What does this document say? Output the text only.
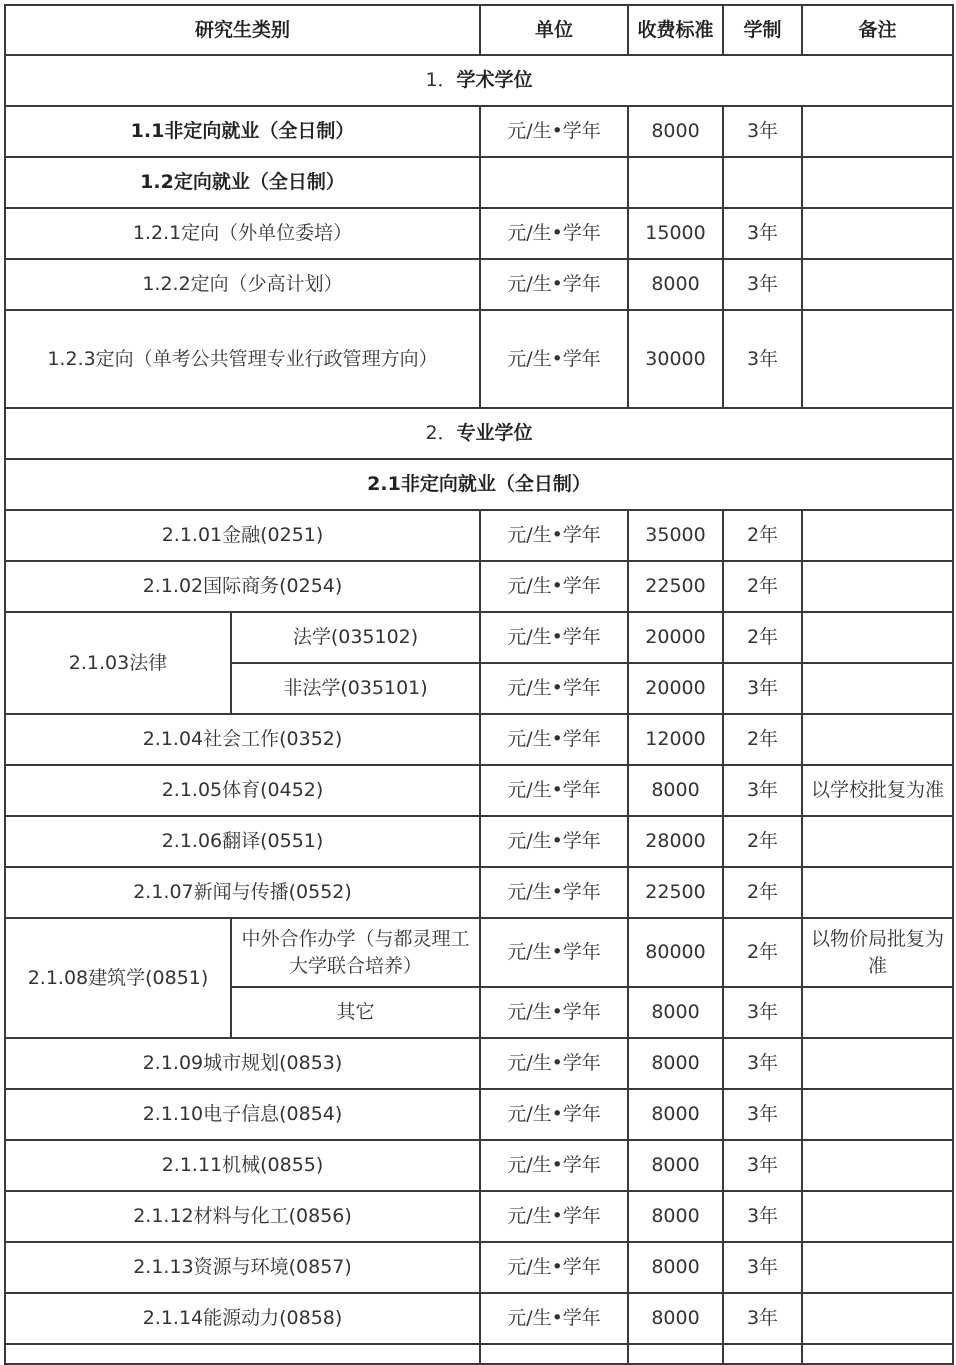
研究生类别		单位	收费标准	学制	备注
1．学术学位					
1.1非定向就业（全日制）		元/生•学年	8000	3年	
1.2定向就业（全日制）					
1.2.1定向（外单位委培）		元/生•学年	15000	3年	
1.2.2定向（少高计划）		元/生•学年	8000	3年	
1.2.3定向（单考公共管理专业行政管理方向）		元/生•学年	30000	3年	
2．专业学位					
2.1非定向就业（全日制）					
2.1.01金融(0251)		元/生•学年	35000	2年	
2.1.02国际商务(0254)		元/生•学年	22500	2年	
2.1.03法律	法学(035102)	元/生•学年	20000	2年	
	非法学(035101)	元/生•学年	20000	3年	
2.1.04社会工作(0352)		元/生•学年	12000	2年	
2.1.05体育(0452)		元/生•学年	8000	3年	以学校批复为准
2.1.06翻译(0551)		元/生•学年	28000	2年	
2.1.07新闻与传播(0552)		元/生•学年	22500	2年	
2.1.08建筑学(0851)	中外合作办学（与都灵理工大学联合培养）	元/生•学年	80000	2年	以物价局批复为准
	其它	元/生•学年	8000	3年	
2.1.09城市规划(0853)		元/生•学年	8000	3年	
2.1.10电子信息(0854)		元/生•学年	8000	3年	
2.1.11机械(0855)		元/生•学年	8000	3年	
2.1.12材料与化工(0856)		元/生•学年	8000	3年	
2.1.13资源与环境(0857)		元/生•学年	8000	3年	
2.1.14能源动力(0858)		元/生•学年	8000	3年	
